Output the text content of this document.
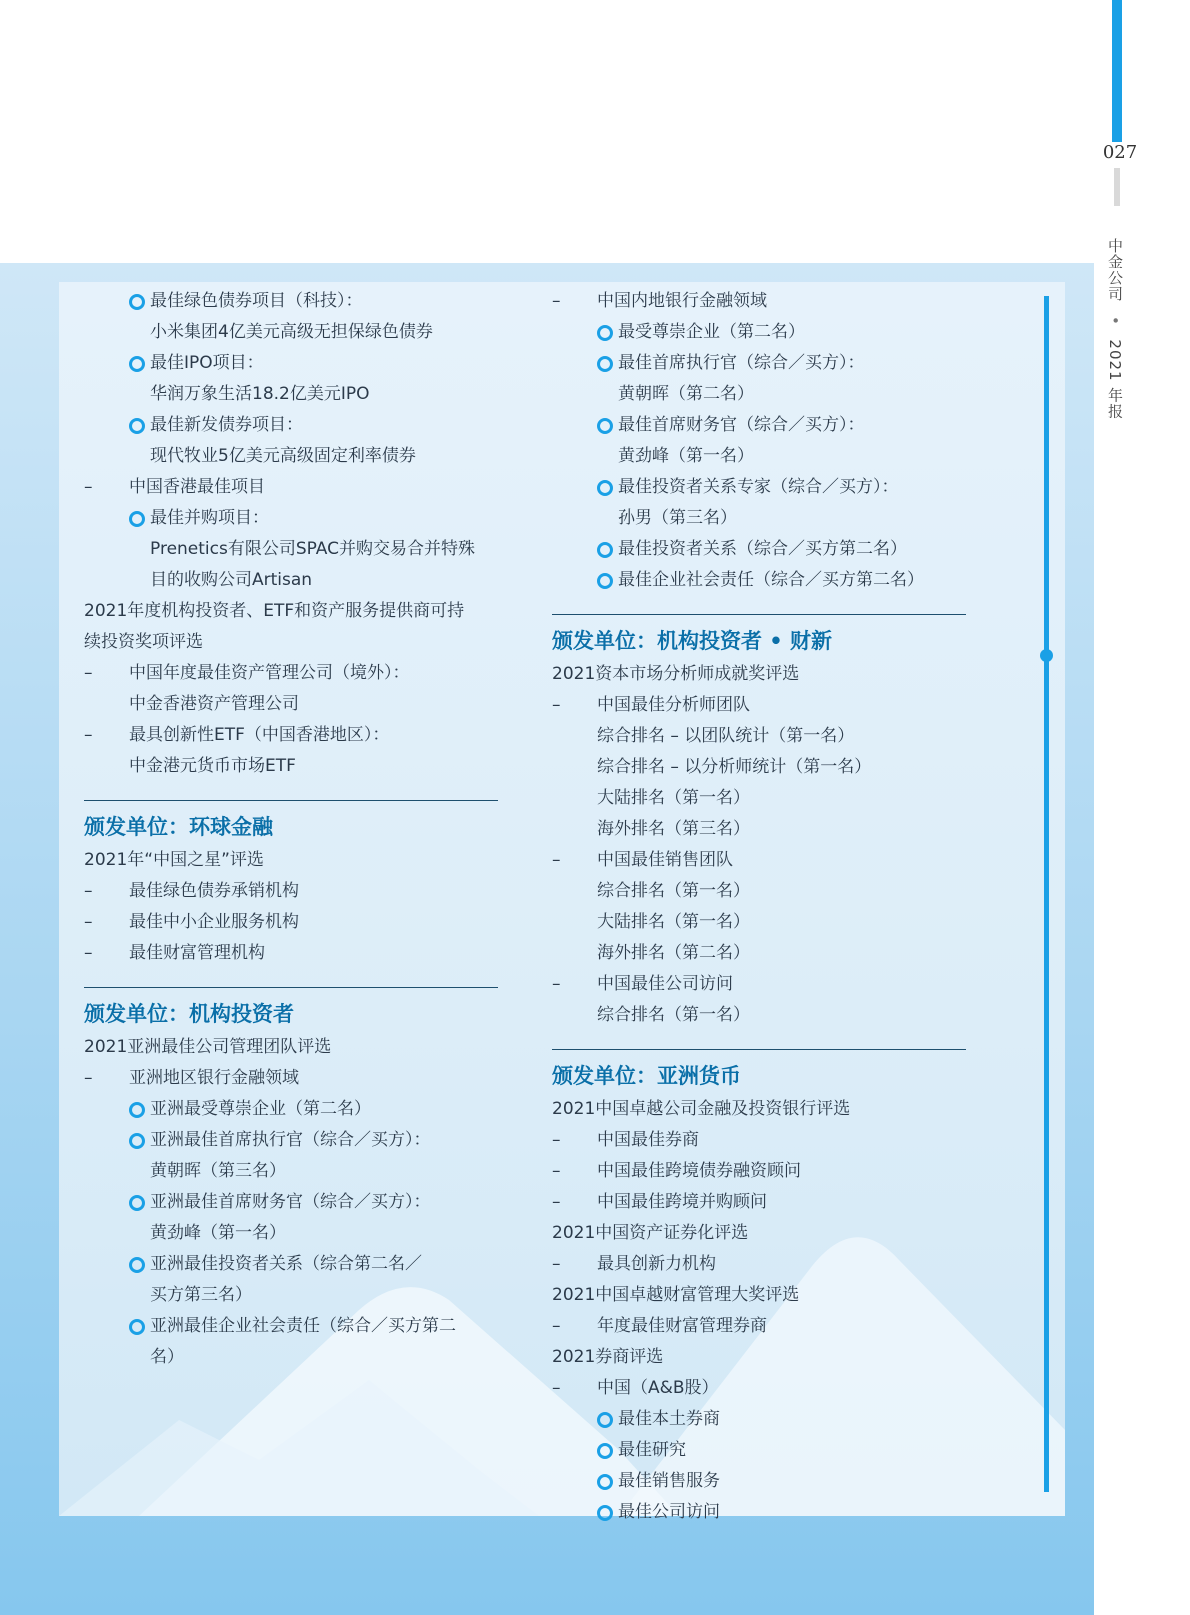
027
中金公司 • 2021 年报
最佳绿色债券项目（科技）：
小米集团4亿美元高级无担保绿色债券
最佳IPO项目：
华润万象生活18.2亿美元IPO
最佳新发债券项目：
现代牧业5亿美元高级固定利率债券
–	中国香港最佳项目
最佳并购项目：
Prenetics有限公司SPAC并购交易合并特殊
目的收购公司Artisan
2021年度机构投资者、ETF和资产服务提供商可持
续投资奖项评选
–	中国年度最佳资产管理公司（境外）：
中金香港资产管理公司
–	最具创新性ETF（中国香港地区）：
中金港元货币市场ETF
颁发单位：环球金融
2021年“中国之星”评选
–	最佳绿色债券承销机构
–	最佳中小企业服务机构
–	最佳财富管理机构
颁发单位：机构投资者
2021亚洲最佳公司管理团队评选
–	亚洲地区银行金融领域
亚洲最受尊崇企业（第二名）
亚洲最佳首席执行官（综合／买方）：
黄朝晖（第三名）
亚洲最佳首席财务官（综合／买方）：
黄劲峰（第一名）
亚洲最佳投资者关系（综合第二名／
买方第三名）
亚洲最佳企业社会责任（综合／买方第二
名）
–	中国内地银行金融领域
最受尊崇企业（第二名）
最佳首席执行官（综合／买方）：
黄朝晖（第二名）
最佳首席财务官（综合／买方）：
黄劲峰（第一名）
最佳投资者关系专家（综合／买方）：
孙男（第三名）
最佳投资者关系（综合／买方第二名）
最佳企业社会责任（综合／买方第二名）
颁发单位：机构投资者 • 财新
2021资本市场分析师成就奖评选
–	中国最佳分析师团队
综合排名 – 以团队统计（第一名）
综合排名 – 以分析师统计（第一名）
大陆排名（第一名）
海外排名（第三名）
–	中国最佳销售团队
综合排名（第一名）
大陆排名（第一名）
海外排名（第二名）
–	中国最佳公司访问
综合排名（第一名）
颁发单位：亚洲货币
2021中国卓越公司金融及投资银行评选
–	中国最佳券商
–	中国最佳跨境债券融资顾问
–	中国最佳跨境并购顾问
2021中国资产证券化评选
–	最具创新力机构
2021中国卓越财富管理大奖评选
–	年度最佳财富管理券商
2021券商评选
–	中国（A&B股）
最佳本土券商
最佳研究
最佳销售服务
最佳公司访问
